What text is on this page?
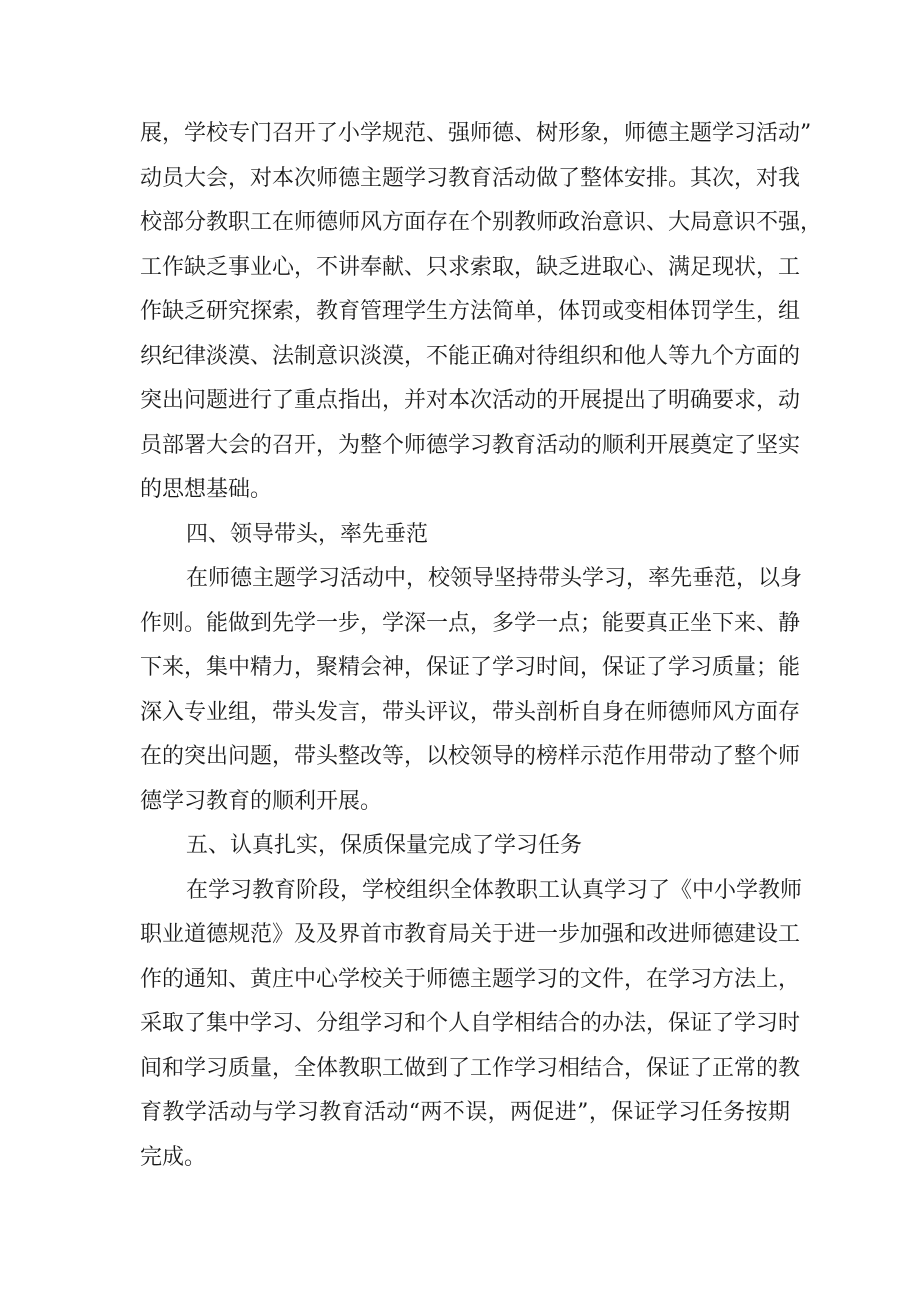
展，学校专门召开了小学规范、强师德、树形象，师德主题学习活动”
动员大会，对本次师德主题学习教育活动做了整体安排。其次，对我
校部分教职工在师德师风方面存在个别教师政治意识、大局意识不强，
工作缺乏事业心，不讲奉献、只求索取，缺乏进取心、满足现状，工
作缺乏研究探索，教育管理学生方法简单，体罚或变相体罚学生，组
织纪律淡漠、法制意识淡漠，不能正确对待组织和他人等九个方面的
突出问题进行了重点指出，并对本次活动的开展提出了明确要求，动
员部署大会的召开，为整个师德学习教育活动的顺利开展奠定了坚实
的思想基础。
四、领导带头，率先垂范
在师德主题学习活动中，校领导坚持带头学习，率先垂范，以身
作则。能做到先学一步，学深一点，多学一点；能要真正坐下来、静
下来，集中精力，聚精会神，保证了学习时间，保证了学习质量；能
深入专业组，带头发言，带头评议，带头剖析自身在师德师风方面存
在的突出问题，带头整改等，以校领导的榜样示范作用带动了整个师
德学习教育的顺利开展。
五、认真扎实，保质保量完成了学习任务
在学习教育阶段，学校组织全体教职工认真学习了《中小学教师
职业道德规范》及及界首市教育局关于进一步加强和改进师德建设工
作的通知、黄庄中心学校关于师德主题学习的文件，在学习方法上，
采取了集中学习、分组学习和个人自学相结合的办法，保证了学习时
间和学习质量，全体教职工做到了工作学习相结合，保证了正常的教
育教学活动与学习教育活动“两不误，两促进”，保证学习任务按期
完成。
